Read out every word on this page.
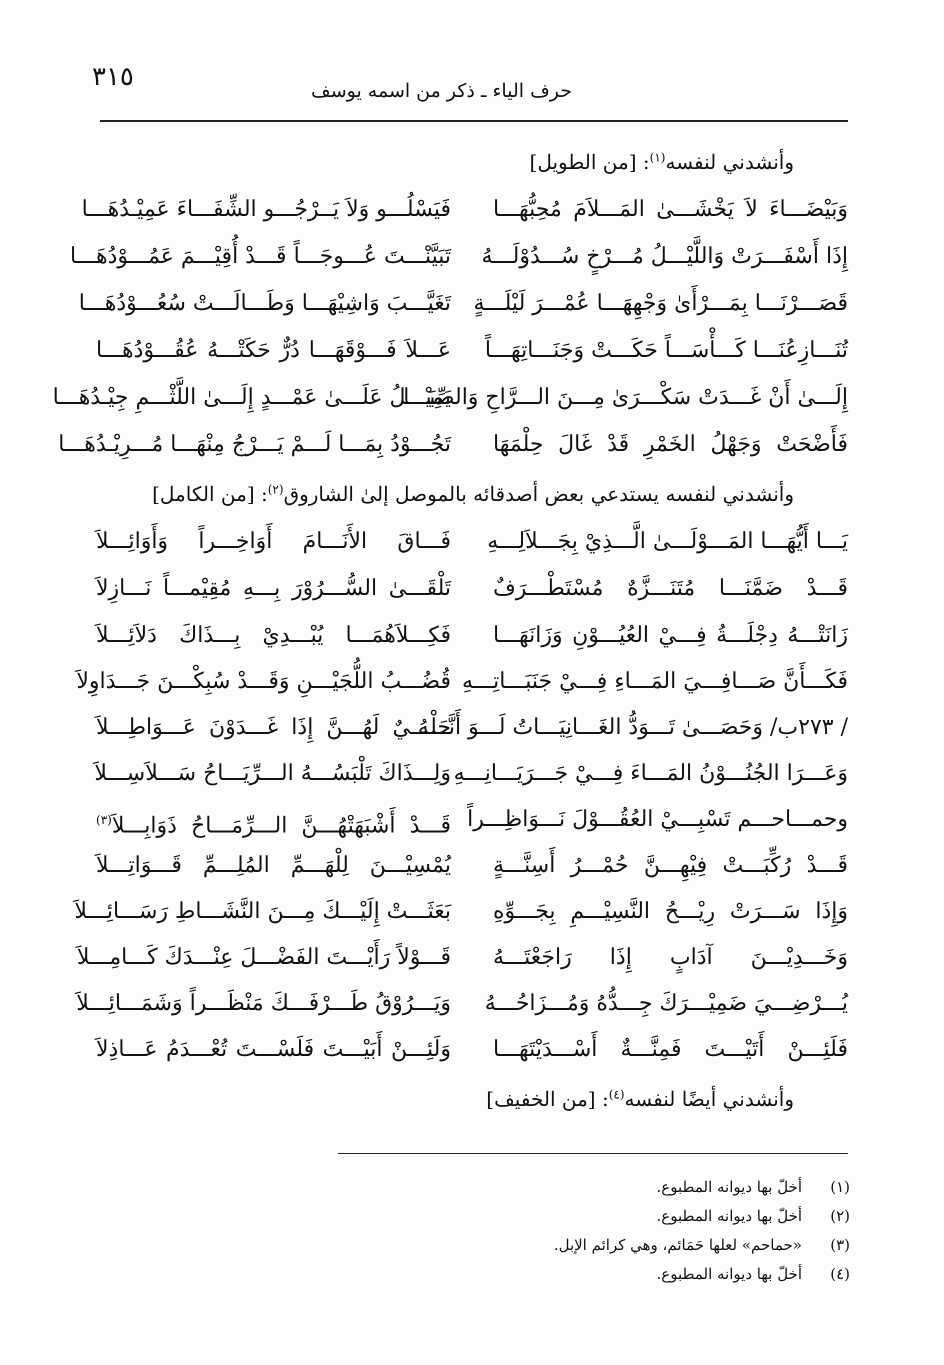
٣١٥	حرف الياء ـ ذكر من اسمه يوسف
وأنشدني لنفسه$^{(١)}$: [من الطويل]
وَبَيْضَـــاءَ لاَ يَخْشَـــىٰ المَـــلاَمَ مُحِبُّهَـــا
فَيَسْلُـــو وَلاَ يَــرْجُـــو الشِّفَـــاءَ عَمِيْـدُهَـــا
إِذَا أَسْفَـــرَتْ وَاللَّيْـــلُ مُـــرْخٍ سُـــدُوْلَـــهُ
تَبَيَّنْـــتَ عُـــوجَـــاً قَـــدْ أُقِيْـــمَ عَمُـــوْدُهَـــا
قَصَـــرْنَـــا بِمَـــرْأَىٰ وَجْهِهَـــا عُمْـــرَ لَيْلَـــةٍ
تَغَيَّـــبَ وَاشِيْهَـــا وَطَـــالَـــتْ سُعُـــوْدُهَـــا
تُنَـــازِعُنَـــا كَـــأْسَـــاً حَكَـــتْ وَجَنَـــاتِهَـــاً
عَـــلاَ فَـــوْقَهَـــا دُرٌّ حَكَتْـــهُ عُقُـــوْدُهَـــا
إِلَـــىٰ أَنْ غَـــدَتْ سَكْـــرَىٰ مِـــنَ الـــرَّاحِ وَالصِّبَـــا
يَمِيْـــلُ عَلَـــىٰ عَمْـــدٍ إِلَـــىٰ اللَّثْـــمِ جِيْـدُهَـــا
فَأَضْحَتْ وَجَهْلُ الخَمْرِ قَدْ غَالَ حِلْمَهَا
تَجُـــوْدُ بِمَـــا لَـــمْ يَـــرْجُ مِنْهَـــا مُـــرِيْـدُهَـــا
وأنشدني لنفسه يستدعي بعض أصدقائه بالموصل إلىٰ الشاروق$^{(٢)}$: [من الكامل]
يَـــا أَيُّهَـــا المَـــوْلَـــىٰ الَّـــذِيْ بِجَـــلاَلِـــهِ
فَـــاقَ الأَنَـــامَ أَوَاخِـــراً وَأَوَائِـــلاَ
قَـــدْ ضَمَّنَـــا مُتَنَـــزَّهٌ مُسْتَطْـــرَفٌ
تَلْقَـــىٰ السُّـــرُوْرَ بِـــهِ مُقِيْمـــاً نَـــازِلاَ
زَانَتْـــهُ دِجْلَـــةُ فِـــيْ العُيُـــوْنِ وَزَانَهَـــا
فَكِـــلاَهُمَـــا يُبْـــدِيْ بِـــذَاكَ دَلاَئِـــلاَ
فَكَـــأَنَّ صَـــافِـــيَ المَـــاءِ فِـــيْ جَنَبَـــاتِـــهِ
قُضُـــبُ اللُّجَيْـــنِ وَقَـــدْ سُبِكْـــنَ جَـــدَاوِلاَ
/ ٢٧٣ب/ وَحَصَـــىٰ تَـــوَدُّ الغَـــانِيَـــاتُ لَـــوَ أَنَّـــهُ
حَلْـــيٌ لَهُـــنَّ إِذَا غَـــدَوْنَ عَـــوَاطِـــلاَ
وَعَـــرَا الجُنُـــوْنُ المَـــاءَ فِـــيْ جَـــرَيَـــانِـــهِ
وَلِـــذَاكَ تَلْبَسُـــهُ الـــرِّيَـــاحُ سَـــلاَسِـــلاَ
وحمـــاحـــم تَسْبِـــيْ العُقُـــوْلَ نَـــوَاظِـــراً
قَـــدْ أَشْبَهَتْهُـــنَّ الـــرِّمَـــاحُ ذَوَابِـــلاَ$^{(٣)}$
قَـــدْ رُكِّبَـــتْ فِيْهِـــنَّ حُمْـــرُ أَسِنَّـــةٍ
يُمْسِيْـــنَ لِلْهَـــمِّ المُلِـــمِّ قَـــوَاتِـــلاَ
وَإِذَا سَـــرَتْ رِيْـــحُ النَّسِيْـــمِ بِجَـــوِّهِ
بَعَثَـــتْ إِلَيْـــكَ مِـــنَ النَّشَـــاطِ رَسَـــائِـــلاَ
وَخَـــدِيْـــنَ آدَابٍ إِذَا رَاجَعْتَـــهُ
قَـــوْلاً رَأَيْـــتَ الفَضْـــلَ عِنْـــدَكَ كَـــامِـــلاَ
يُـــرْضِـــيَ ضَمِيْـــرَكَ جِـــدُّهُ وَمُـــزَاحُـــهُ
وَيَـــرُوْقُ طَـــرْفَـــكَ مَنْظَـــراً وَشَمَـــائِـــلاَ
فَلَئِـــنْ أَتَيْـــتَ فَمِنَّـــةٌ أَسْـــدَيْتَهَـــا
وَلَئِـــنْ أَبَيْـــتَ فَلَسْـــتَ تُعْـــدَمُ عَـــاذِلاَ
وأنشدني أيضًا لنفسه$^{(٤)}$: [من الخفيف]
(١)أخلّ بها ديوانه المطبوع.
(٢)أخلّ بها ديوانه المطبوع.
(٣)«حماحم» لعلها حَمَائم، وهي كرائم الإبل.
(٤)أخلّ بها ديوانه المطبوع.
